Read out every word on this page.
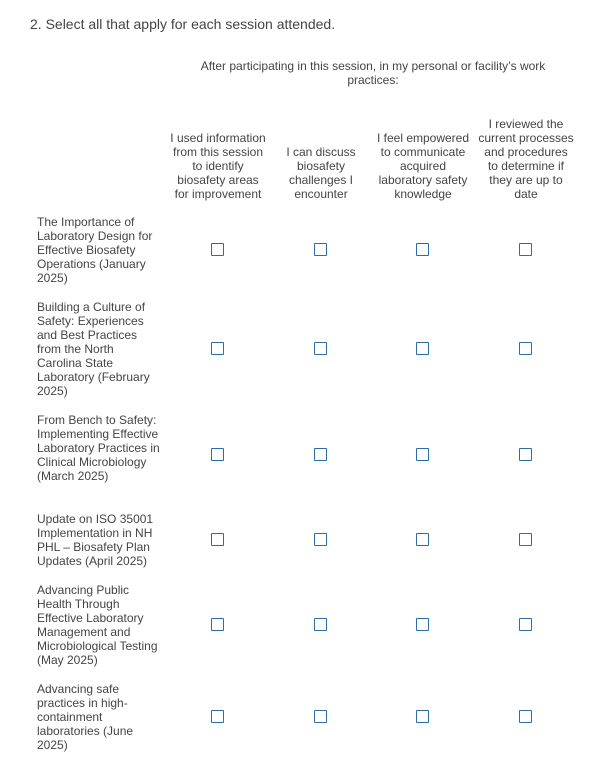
2. Select all that apply for each session attended.
After participating in this session, in my personal or facility’s work practices:
I used information from this session to identify biosafety areas for improvement
I can discuss biosafety challenges I encounter
I feel empowered to communicate acquired laboratory safety knowledge
I reviewed the current processes and procedures to determine if they are up to date
The Importance of Laboratory Design for Effective Biosafety Operations (January 2025)
Building a Culture of Safety: Experiences and Best Practices from the North Carolina State Laboratory (February 2025)
From Bench to Safety: Implementing Effective Laboratory Practices in Clinical Microbiology (March 2025)
Update on ISO 35001 Implementation in NH PHL – Biosafety Plan Updates (April 2025)
Advancing Public Health Through Effective Laboratory Management and Microbiological Testing (May 2025)
Advancing safe practices in high-containment laboratories (June 2025)
